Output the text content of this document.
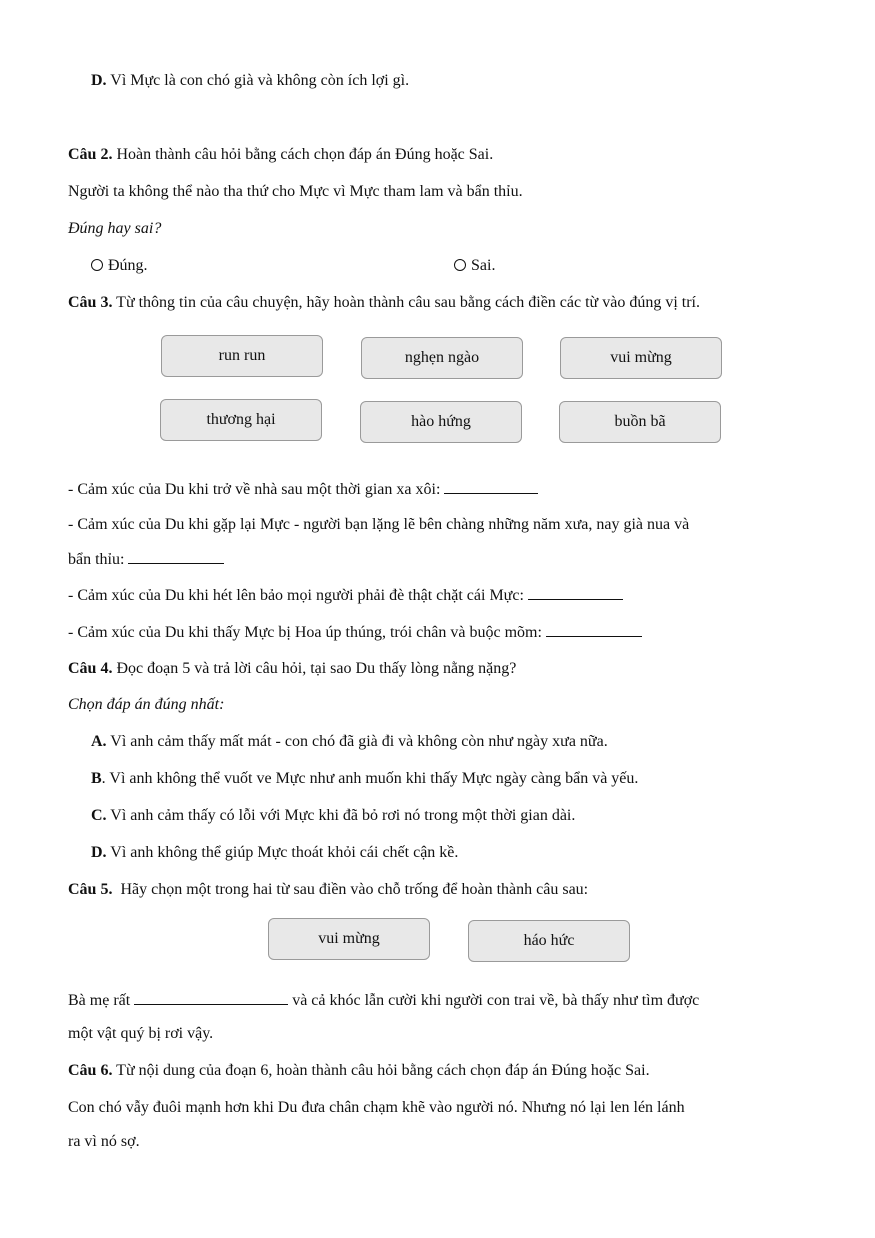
D. Vì Mực là con chó già và không còn ích lợi gì.
Câu 2. Hoàn thành câu hỏi bằng cách chọn đáp án Đúng hoặc Sai.
Người ta không thể nào tha thứ cho Mực vì Mực tham lam và bẩn thỉu.
Đúng hay sai?
Đúng.	Sai.
Câu 3. Từ thông tin của câu chuyện, hãy hoàn thành câu sau bằng cách điền các từ vào đúng vị trí.
run run	nghẹn ngào	vui mừng
thương hại	hào hứng	buồn bã
- Cảm xúc của Du khi trở về nhà sau một thời gian xa xôi:
- Cảm xúc của Du khi gặp lại Mực - người bạn lặng lẽ bên chàng những năm xưa, nay già nua và
bẩn thỉu:
- Cảm xúc của Du khi hét lên bảo mọi người phải đè thật chặt cái Mực:
- Cảm xúc của Du khi thấy Mực bị Hoa úp thúng, trói chân và buộc mõm:
Câu 4. Đọc đoạn 5 và trả lời câu hỏi, tại sao Du thấy lòng nằng nặng?
Chọn đáp án đúng nhất:
A. Vì anh cảm thấy mất mát - con chó đã già đi và không còn như ngày xưa nữa.
B. Vì anh không thể vuốt ve Mực như anh muốn khi thấy Mực ngày càng bẩn và yếu.
C. Vì anh cảm thấy có lỗi với Mực khi đã bỏ rơi nó trong một thời gian dài.
D. Vì anh không thể giúp Mực thoát khỏi cái chết cận kề.
Câu 5.  Hãy chọn một trong hai từ sau điền vào chỗ trống để hoàn thành câu sau:
vui mừng	háo hức
Bà mẹ rất	và cả khóc lẫn cười khi người con trai về, bà thấy như tìm được
một vật quý bị rơi vậy.
Câu 6. Từ nội dung của đoạn 6, hoàn thành câu hỏi bằng cách chọn đáp án Đúng hoặc Sai.
Con chó vẫy đuôi mạnh hơn khi Du đưa chân chạm khẽ vào người nó. Nhưng nó lại len lén lánh
ra vì nó sợ.
